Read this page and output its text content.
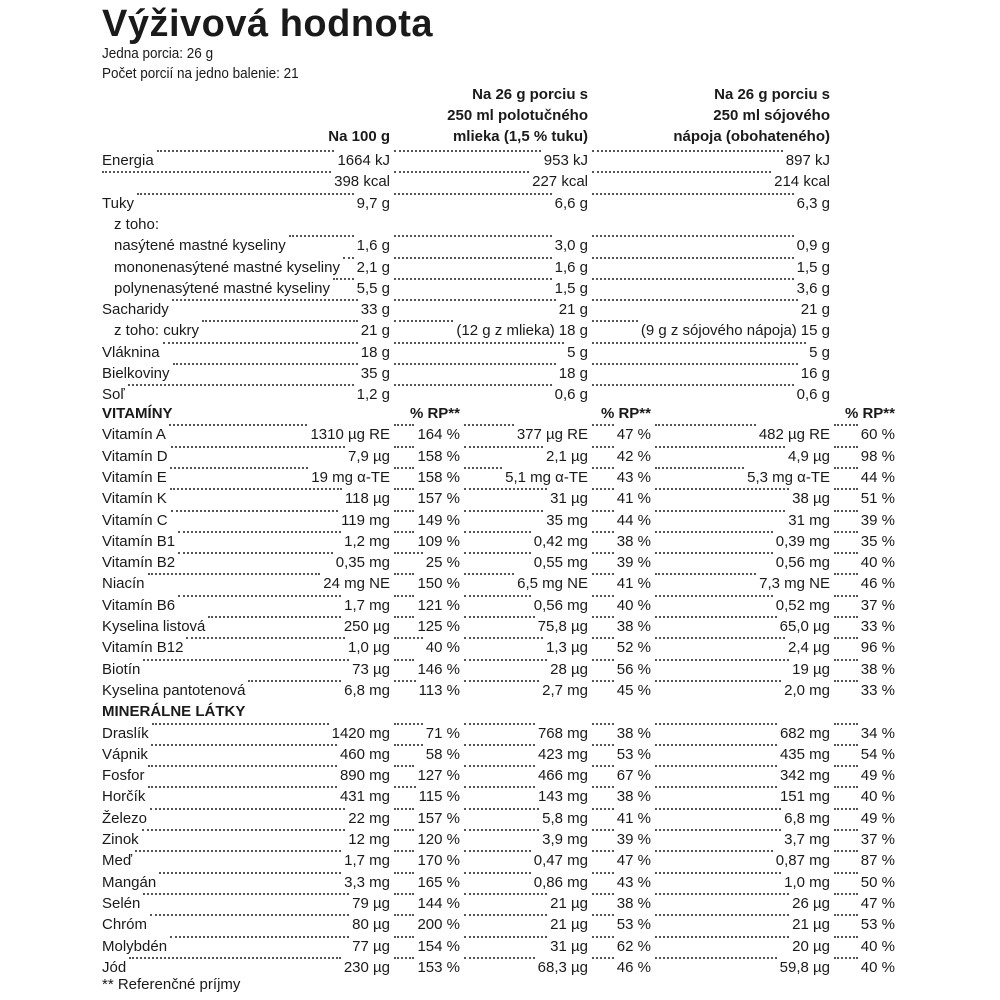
Výživová hodnota
Jedna porcia: 26 g
Počet porcií na jedno balenie: 21
Na 100 g
Na 26 g porciu s
250 ml polotučného
mlieka (1,5 % tuku)
Na 26 g porciu s
250 ml sójového
nápoja (obohateného)
Energia	1664 kJ	953 kJ	897 kJ
398 kcal	227 kcal	214 kcal
Tuky	9,7 g	6,6 g	6,3 g
z toho:
nasýtené mastné kyseliny	1,6 g	3,0 g	0,9 g
mononenasýtené mastné kyseliny 2,1 g	1,6 g	1,5 g
polynenasýtené mastné kyseliny 5,5 g	1,5 g	3,6 g
Sacharidy	33 g	21 g	21 g
z toho: cukry	21 g	(12 g z mlieka) 18 g	(9 g z sójového nápoja) 15 g
Vláknina	18 g	5 g	5 g
Bielkoviny	35 g	18 g	16 g
Soľ	1,2 g	0,6 g	0,6 g
VITAMÍNY	% RP**	% RP**	% RP**
Vitamín A	1310 µg RE 164 %	377 µg RE 47 %	482 µg RE 60 %
Vitamín D	7,9 µg 158 %	2,1 µg 42 %	4,9 µg 98 %
Vitamín E	19 mg α-TE 158 %	5,1 mg α-TE 43 %	5,3 mg α-TE 44 %
Vitamín K	118 µg 157 %	31 µg 41 %	38 µg 51 %
Vitamín C	119 mg 149 %	35 mg 44 %	31 mg 39 %
Vitamín B1	1,2 mg 109 %	0,42 mg 38 %	0,39 mg 35 %
Vitamín B2	0,35 mg 25 %	0,55 mg 39 %	0,56 mg 40 %
Niacín	24 mg NE 150 %	6,5 mg NE 41 %	7,3 mg NE 46 %
Vitamín B6	1,7 mg 121 %	0,56 mg 40 %	0,52 mg 37 %
Kyselina listová	250 µg 125 %	75,8 µg 38 %	65,0 µg 33 %
Vitamín B12	1,0 µg 40 %	1,3 µg 52 %	2,4 µg 96 %
Biotín	73 µg 146 %	28 µg 56 %	19 µg 38 %
Kyselina pantotenová	6,8 mg 113 %	2,7 mg 45 %	2,0 mg 33 %
MINERÁLNE LÁTKY
Draslík	1420 mg 71 %	768 mg 38 %	682 mg 34 %
Vápnik	460 mg 58 %	423 mg 53 %	435 mg 54 %
Fosfor	890 mg 127 %	466 mg 67 %	342 mg 49 %
Horčík	431 mg 115 %	143 mg 38 %	151 mg 40 %
Železo	22 mg 157 %	5,8 mg 41 %	6,8 mg 49 %
Zinok	12 mg 120 %	3,9 mg 39 %	3,7 mg 37 %
Meď	1,7 mg 170 %	0,47 mg 47 %	0,87 mg 87 %
Mangán	3,3 mg 165 %	0,86 mg 43 %	1,0 mg 50 %
Selén	79 µg 144 %	21 µg 38 %	26 µg 47 %
Chróm	80 µg 200 %	21 µg 53 %	21 µg 53 %
Molybdén	77 µg 154 %	31 µg 62 %	20 µg 40 %
Jód	230 µg 153 %	68,3 µg 46 %	59,8 µg 40 %
** Referenčné príjmy
